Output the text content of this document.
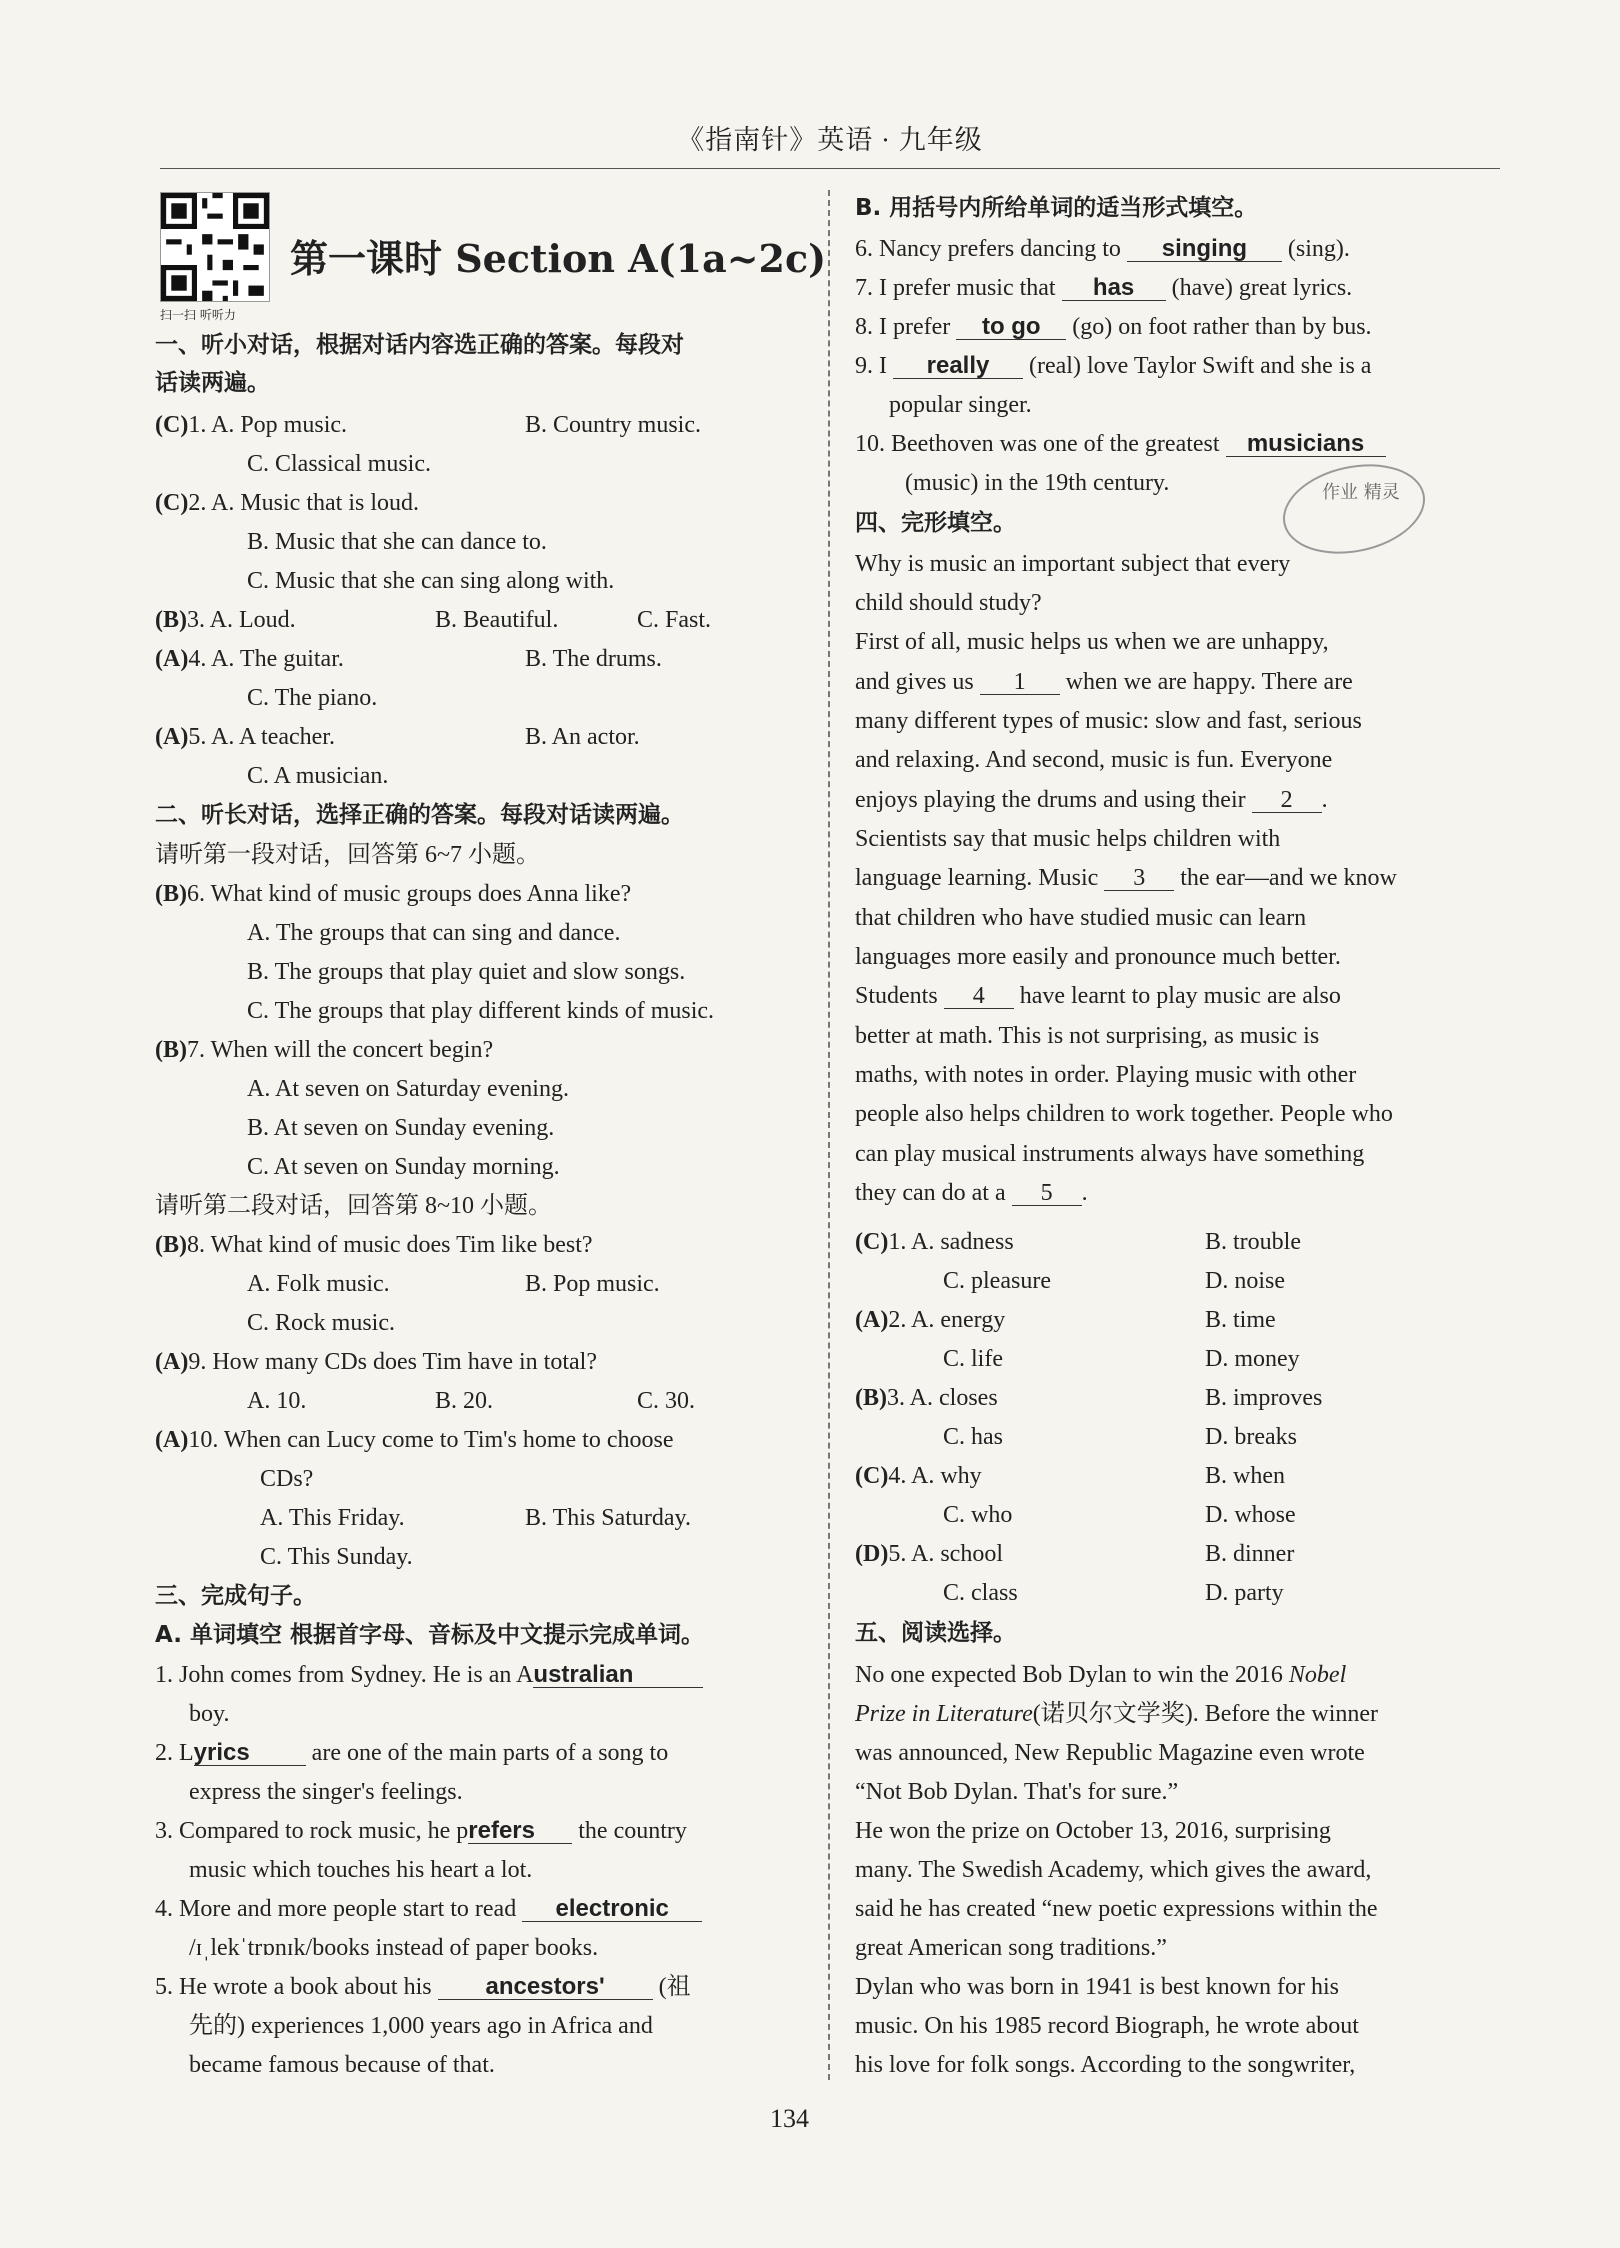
《指南针》英语 · 九年级
扫一扫 听听力
第一课时 Section A(1a~2c)
一、听小对话，根据对话内容选正确的答案。每段对
话读两遍。
(C)1. A. Pop music.	B. Country music.
C. Classical music.
(C)2. A. Music that is loud.
B. Music that she can dance to.
C. Music that she can sing along with.
(B)3. A. Loud.	B. Beautiful.	C. Fast.
(A)4. A. The guitar.	B. The drums.
C. The piano.
(A)5. A. A teacher.	B. An actor.
C. A musician.
二、听长对话，选择正确的答案。每段对话读两遍。
请听第一段对话，回答第 6~7 小题。
(B)6. What kind of music groups does Anna like?
A. The groups that can sing and dance.
B. The groups that play quiet and slow songs.
C. The groups that play different kinds of music.
(B)7. When will the concert begin?
A. At seven on Saturday evening.
B. At seven on Sunday evening.
C. At seven on Sunday morning.
请听第二段对话，回答第 8~10 小题。
(B)8. What kind of music does Tim like best?
A. Folk music.	B. Pop music.
C. Rock music.
(A)9. How many CDs does Tim have in total?
A. 10.	B. 20.	C. 30.
(A)10. When can Lucy come to Tim's home to choose
CDs?
A. This Friday.	B. This Saturday.
C. This Sunday.
三、完成句子。
A. 单词填空 根据首字母、音标及中文提示完成单词。
1. John comes from Sydney. He is an Australian
boy.
2. Lyrics are one of the main parts of a song to
express the singer's feelings.
3. Compared to rock music, he prefers the country
music which touches his heart a lot.
4. More and more people start to read electronic
/ɪˌlekˈtrɒnɪk/books instead of paper books.
5. He wrote a book about his ancestors' (祖
先的) experiences 1,000 years ago in Africa and
became famous because of that.
B. 用括号内所给单词的适当形式填空。
6. Nancy prefers dancing to singing (sing).
7. I prefer music that has (have) great lyrics.
8. I prefer to go (go) on foot rather than by bus.
9. I really (real) love Taylor Swift and she is a
popular singer.
10. Beethoven was one of the greatest musicians
(music) in the 19th century.
四、完形填空。
Why is music an important subject that every
child should study?
First of all, music helps us when we are unhappy,
and gives us 1 when we are happy. There are
many different types of music: slow and fast, serious
and relaxing. And second, music is fun. Everyone
enjoys playing the drums and using their 2 .
Scientists say that music helps children with
language learning. Music 3 the ear—and we know
that children who have studied music can learn
languages more easily and pronounce much better.
Students 4 have learnt to play music are also
better at math. This is not surprising, as music is
maths, with notes in order. Playing music with other
people also helps children to work together. People who
can play musical instruments always have something
they can do at a 5 .
(C)1. A. sadness	B. trouble
C. pleasure	D. noise
(A)2. A. energy	B. time
C. life	D. money
(B)3. A. closes	B. improves
C. has	D. breaks
(C)4. A. why	B. when
C. who	D. whose
(D)5. A. school	B. dinner
C. class	D. party
五、阅读选择。
No one expected Bob Dylan to win the 2016 Nobel
Prize in Literature(诺贝尔文学奖). Before the winner
was announced, New Republic Magazine even wrote
“Not Bob Dylan. That's for sure.”
He won the prize on October 13, 2016, surprising
many. The Swedish Academy, which gives the award,
said he has created “new poetic expressions within the
great American song traditions.”
Dylan who was born in 1941 is best known for his
music. On his 1985 record Biograph, he wrote about
his love for folk songs. According to the songwriter,
作业 精灵
134
